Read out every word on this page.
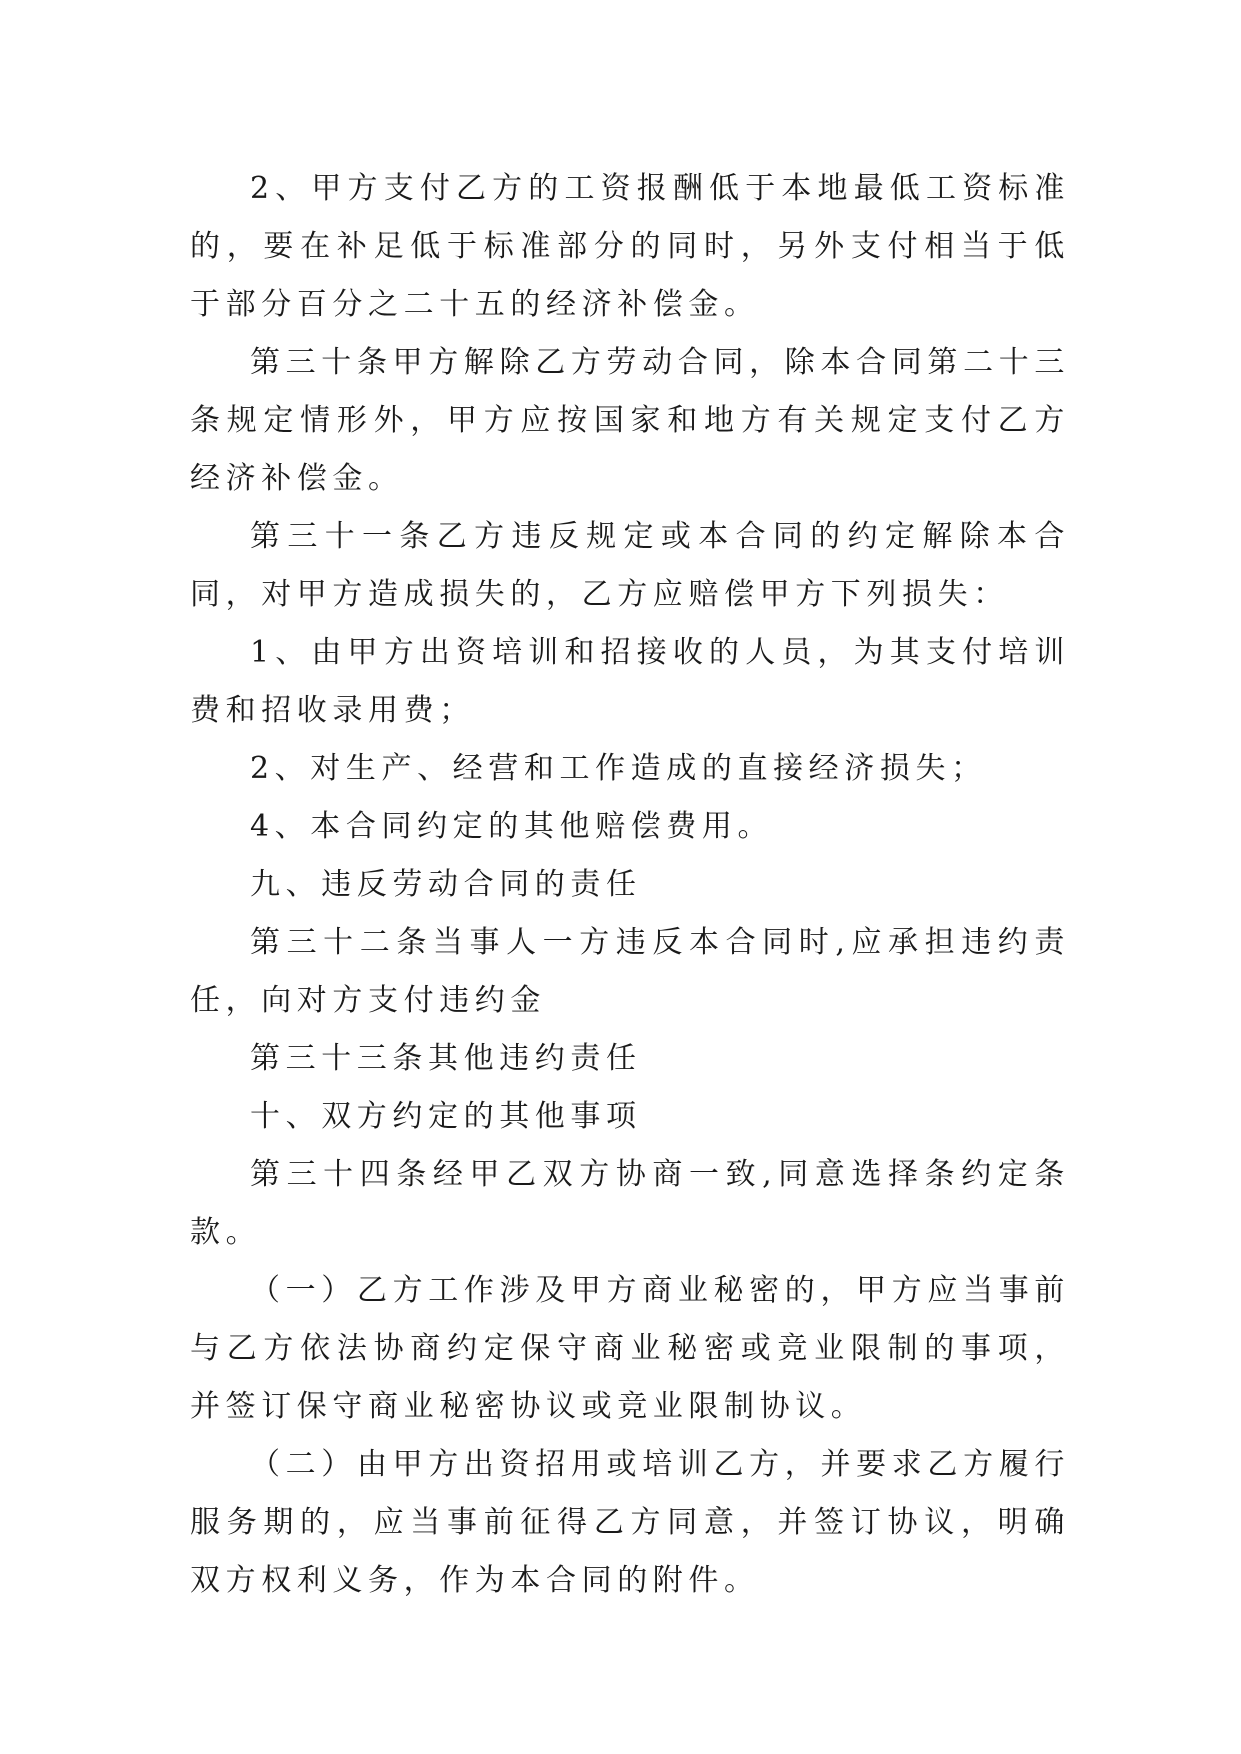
2、甲方支付乙方的工资报酬低于本地最低工资标准的，要在补足低于标准部分的同时，另外支付相当于低于部分百分之二十五的经济补偿金。

第三十条甲方解除乙方劳动合同，除本合同第二十三条规定情形外，甲方应按国家和地方有关规定支付乙方经济补偿金。

第三十一条乙方违反规定或本合同的约定解除本合同，对甲方造成损失的，乙方应赔偿甲方下列损失：

1、由甲方出资培训和招接收的人员，为其支付培训费和招收录用费；

2、对生产、经营和工作造成的直接经济损失；

4、本合同约定的其他赔偿费用。

九、违反劳动合同的责任

第三十二条当事人一方违反本合同时,应承担违约责任，向对方支付违约金

第三十三条其他违约责任

十、双方约定的其他事项

第三十四条经甲乙双方协商一致,同意选择条约定条款。

（一）乙方工作涉及甲方商业秘密的，甲方应当事前与乙方依法协商约定保守商业秘密或竞业限制的事项，并签订保守商业秘密协议或竞业限制协议。

（二）由甲方出资招用或培训乙方，并要求乙方履行服务期的，应当事前征得乙方同意，并签订协议，明确双方权利义务，作为本合同的附件。
